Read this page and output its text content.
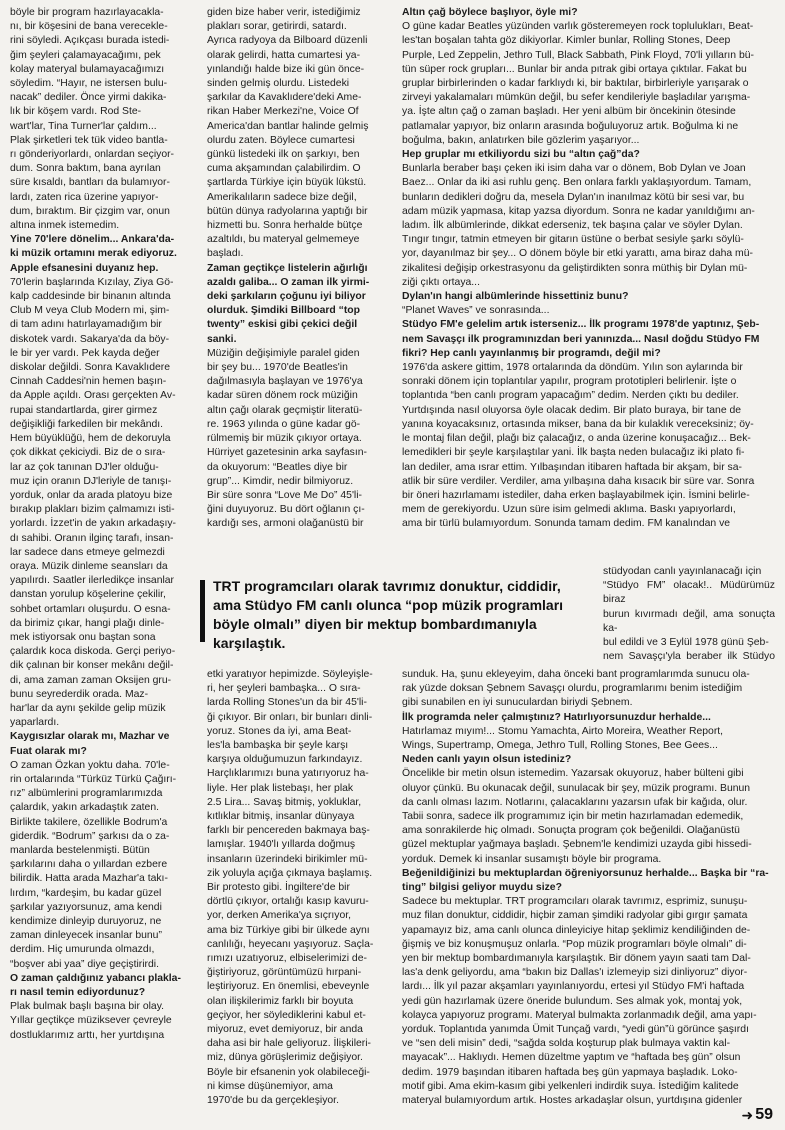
böyle bir program hazırlayacakla-
nı, bir köşesini de bana verecekle-
rini söyledi. Açıkçası burada istedi-
ğim şeyleri çalamayacağımı, pek
kolay materyal bulamayacağımızı
söyledim. “Hayır, ne istersen bulu-
nacak” dediler. Önce yirmi dakika-
lık bir köşem vardı. Rod Ste-
wart'lar, Tina Turner'lar çaldım...
Plak şirketleri tek tük video bantla-
rı gönderiyorlardı, onlardan seçiyor-
dum. Sonra baktım, bana ayrılan
süre kısaldı, bantları da bulamıyor-
lardı, zaten rica üzerine yapıyor-
dum, bıraktım. Bir çizgim var, onun
altına inmek istemedim.

Yine 70'lere dönelim... Ankara'da-
ki müzik ortamını merak ediyoruz.
Apple efsanesini duyanız hep.

70'lerin başlarında Kızılay, Ziya Gö-
kalp caddesinde bir binanın altında
Club M veya Club Modern mi, şim-
di tam adını hatırlayamadığım bir
diskotek vardı. Sakarya'da da böy-
le bir yer vardı. Pek kayda değer
diskolar değildi. Sonra Kavaklıdere
Cinnah Caddesi'nin hemen başın-
da Apple açıldı. Orası gerçekten Av-
rupai standartlarda, girer girmez
değişikliği farkedilen bir mekândı.
Hem büyüklüğü, hem de dekoruyla
çok dikkat çekiciydi. Biz de o sıra-
lar az çok tanınan DJ'ler olduğu-
muz için oranın DJ'leriyle de tanışı-
yorduk, onlar da arada platoyu bize
bırakıp plakları bizim çalmamızı isti-
yorlardı. İzzet'in de yakın arkadaşıy-
dı sahibi. Oranın ilginç tarafı, insan-
lar sadece dans etmeye gelmezdi
oraya. Müzik dinleme seansları da
yapılırdı. Saatler ilerledikçe insanlar
danstan yorulup köşelerine çekilir,
sohbet ortamları oluşurdu. O esna-
da birimiz çıkar, hangi plağı dinle-
mek istiyorsak onu baştan sona
çalardık koca diskoda. Gerçi periyo-
dik çalınan bir konser mekânı değil-
di, ama zaman zaman Oksijen gru-
bunu seyrederdik orada. Maz-
har'lar da aynı şekilde gelip müzik
yaparlardı.

Kaygısızlar olarak mı, Mazhar ve
Fuat olarak mı?

O zaman Özkan yoktu daha. 70'le-
rin ortalarında “Türküz Türkü Çağırı-
rız” albümlerini programlarımızda
çalardık, yakın arkadaştık zaten.
Birlikte takilere, özellikle Bodrum'a
giderdik. “Bodrum” şarkısı da o za-
manlarda bestelenmişti. Bütün
şarkılarını daha o yıllardan ezbere
bilirdik. Hatta arada Mazhar'a takı-
lırdım, “kardeşim, bu kadar güzel
şarkılar yazıyorsunuz, ama kendi
kendimize dinleyip duruyoruz, ne
zaman dinleyecek insanlar bunu”
derdim. Hiç umurunda olmazdı,
“boşver abi yaa” diye geçiştirirdi.

O zaman çaldığınız yabancı plakla-
rı nasıl temin ediyordunuz?

Plak bulmak başlı başına bir olay.
Yıllar geçtikçe müziksever çevreyle
dostluklarımız arttı, her yurtdışına

giden bize haber verir, istediğimiz
plakları sorar, getirirdi, satardı.
Ayrıca radyoya da Bilboard düzenli
olarak gelirdi, hatta cumartesi ya-
yınlandığı halde bize iki gün önce-
sinden gelmiş olurdu. Listedeki
şarkılar da Kavaklıdere'deki Ame-
rikan Haber Merkezi'ne, Voice Of
America'dan bantlar halinde gelmiş
olurdu zaten. Böylece cumartesi
günkü listedeki ilk on şarkıyı, ben
cuma akşamından çalabilirdim. O
şartlarda Türkiye için büyük lükstü.
Amerikalıların sadece bize değil,
bütün dünya radyolarına yaptığı bir
hizmetti bu. Sonra herhalde bütçe
azaltıldı, bu materyal gelmemeye
başladı.

Zaman geçtikçe listelerin ağırlığı
azaldı galiba... O zaman ilk yirmi-
deki şarkıların çoğunu iyi biliyor
olurduk. Şimdiki Billboard “top
twenty” eskisi gibi çekici değil
sanki.

Müziğin değişimiyle paralel giden
bir şey bu... 1970'de Beatles'in
dağılmasıyla başlayan ve 1976'ya
kadar süren dönem rock müziğin
altın çağı olarak geçmiştir literatü-
re. 1963 yılında o güne kadar gö-
rülmemiş bir müzik çıkıyor ortaya.
Hürriyet gazetesinin arka sayfasın-
da okuyorum: “Beatles diye bir
grup”... Kimdir, nedir bilmiyoruz.
Bir süre sonra “Love Me Do” 45'li-
ğini duyuyoruz. Bu dört oğlanın çı-
kardığı ses, armoni olağanüstü bir

Altın çağ böylece başlıyor, öyle mi?

O güne kadar Beatles yüzünden varlık gösteremeyen rock toplulukları, Beat-
les'tan boşalan tahta göz dikiyorlar. Kimler bunlar, Rolling Stones, Deep
Purple, Led Zeppelin, Jethro Tull, Black Sabbath, Pink Floyd, 70'li yılların bü-
tün süper rock grupları... Bunlar bir anda pıtrak gibi ortaya çıktılar. Fakat bu
gruplar birbirlerinden o kadar farklıydı ki, bir baktılar, birbirleriyle yarışarak o
zirveyi yakalamaları mümkün değil, bu sefer kendileriyle başladılar yarışma-
ya. İşte altın çağ o zaman başladı. Her yeni albüm bir öncekinin ötesinde
patlamalar yapıyor, biz onların arasında boğuluyoruz artık. Boğulma ki ne
boğulma, bakın, anlatırken bile gözlerim yaşarıyor...

Hep gruplar mı etkiliyordu sizi bu “altın çağ”da?

Bunlarla beraber başı çeken iki isim daha var o dönem, Bob Dylan ve Joan
Baez... Onlar da iki asi ruhlu genç. Ben onlara farklı yaklaşıyordum. Tamam,
bunların dedikleri doğru da, mesela Dylan'ın inanılmaz kötü bir sesi var, bu
adam müzik yapmasa, kitap yazsa diyordum. Sonra ne kadar yanıldığımı an-
ladım. İlk albümlerinde, dikkat ederseniz, tek başına çalar ve söyler Dylan.
Tıngır tıngır, tatmin etmeyen bir gitarın üstüne o berbat sesiyle şarkı söylü-
yor, dayanılmaz bir şey... O dönem böyle bir etki yarattı, ama biraz daha mü-
zikalitesi değişip orkestrasyonu da geliştirdikten sonra müthiş bir Dylan mü-
ziği çıktı ortaya...

Dylan'ın hangi albümlerinde hissettiniz bunu?

“Planet Waves” ve sonrasında...

Stüdyo FM'e gelelim artık isterseniz... İlk programı 1978'de yaptınız, Şeb-
nem Savaşçı ilk programınızdan beri yanınızda... Nasıl doğdu Stüdyo FM
fikri? Hep canlı yayınlanmış bir programdı, değil mi?

1976'da askere gittim, 1978 ortalarında da döndüm. Yılın son aylarında bir
sonraki dönem için toplantılar yapılır, program prototipleri belirlenir. İşte o
toplantıda “ben canlı program yapacağım” dedim. Nerden çıktı bu dediler.
Yurtdışında nasıl oluyorsa öyle olacak dedim. Bir plato buraya, bir tane de
yanına koyacaksınız, ortasında mikser, bana da bir kulaklık vereceksiniz; öy-
le montaj filan değil, plağı biz çalacağız, o anda üzerine konuşacağız... Bek-
lemedikleri bir şeyle karşılaştılar yani. İlk başta neden bulacağız iki plato fi-
lan dediler, ama ısrar ettim. Yılbaşından itibaren haftada bir akşam, bir sa-
atlik bir süre verdiler. Verdiler, ama yılbaşına daha kısacık bir süre var. Sonra
bir öneri hazırlamamı istediler, daha erken başlayabilmek için. İsmini belirle-
mem de gerekiyordu. Uzun süre isim gelmedi aklıma. Baskı yapıyorlardı,
ama bir türlü bulamıyordum. Sonunda tamam dedim. FM kanalından ve

stüdyodan canlı yayınlanacağı için
“Stüdyo FM” olacak!.. Müdürümüz biraz
burun kıvırmadı değil, ama sonuçta ka-
bul edildi ve 3 Eylül 1978 günü Şeb-
nem Savaşçı'yla beraber ilk Stüdyo

TRT programcıları olarak tavrımız donuktur, ciddidir, ama Stüdyo FM canlı olunca “pop müzik programları böyle olmalı” diyen bir mektup bombardımanıyla karşılaştık.

etki yaratıyor hepimizde. Söyleyişle-
ri, her şeyleri bambaşka... O sıra-
larda Rolling Stones'un da bir 45'li-
ği çıkıyor. Bir onları, bir bunları dinli-
yoruz. Stones da iyi, ama Beat-
les'la bambaşka bir şeyle karşı
karşıya olduğumuzun farkındayız.
Harçlıklarımızı buna yatırıyoruz ha-
liyle. Her plak listebaşı, her plak
2.5 Lira... Savaş bitmiş, yokluklar,
kıtlıklar bitmiş, insanlar dünyaya
farklı bir pencereden bakmaya baş-
lamışlar. 1940'lı yıllarda doğmuş
insanların üzerindeki birikimler mü-
zik yoluyla açığa çıkmaya başlamış.
Bir protesto gibi. İngiltere'de bir
dörtlü çıkıyor, ortalığı kasıp kavuru-
yor, derken Amerika'ya sıçrıyor,
ama biz Türkiye gibi bir ülkede aynı
canlılığı, heyecanı yaşıyoruz. Saçla-
rımızı uzatıyoruz, elbiselerimizi de-
ğiştiriyoruz, görüntümüzü hırpani-
leştiriyoruz. En önemlisi, ebeveynle
olan ilişkilerimiz farklı bir boyuta
geçiyor, her söylediklerini kabul et-
miyoruz, evet demiyoruz, bir anda
daha asi bir hale geliyoruz. İlişkileri-
miz, dünya görüşlerimiz değişiyor.
Böyle bir efsanenin yok olabileceği-
ni kimse düşünemiyor, ama
1970'de bu da gerçekleşiyor.

sunduk. Ha, şunu ekleyeyim, daha önceki bant programlarımda sunucu ola-
rak yüzde doksan Şebnem Savaşçı olurdu, programlarımı benim istediğim
gibi sunabilen en iyi sunuculardan biriydi Şebnem.

İlk programda neler çalmıştınız? Hatırlıyorsunuzdur herhalde...

Hatırlamaz mıyım!... Stomu Yamachta, Airto Moreira, Weather Report,
Wings, Supertramp, Omega, Jethro Tull, Rolling Stones, Bee Gees...

Neden canlı yayın olsun istediniz?

Öncelikle bir metin olsun istemedim. Yazarsak okuyoruz, haber bülteni gibi
oluyor çünkü. Bu okunacak değil, sunulacak bir şey, müzik programı. Bunun
da canlı olması lazım. Notlarını, çalacaklarını yazarsın ufak bir kağıda, olur.
Tabii sonra, sadece ilk programımız için bir metin hazırlamadan edemedik,
ama sonrakilerde hiç olmadı. Sonuçta program çok beğenildi. Olağanüstü
güzel mektuplar yağmaya başladı. Şebnem'le kendimizi uzayda gibi hissedi-
yorduk. Demek ki insanlar susamıştı böyle bir programa.

Beğenildiğinizi bu mektuplardan öğreniyorsunuz herhalde... Başka bir “ra-
ting” bilgisi geliyor muydu size?

Sadece bu mektuplar. TRT programcıları olarak tavrımız, esprimiz, sunuşu-
muz filan donuktur, ciddidir, hiçbir zaman şimdiki radyolar gibi gırgır şamata
yapamayız biz, ama canlı olunca dinleyiciye hitap şeklimiz kendiliğinden de-
ğişmiş ve biz konuşmuşuz onlarla. “Pop müzik programları böyle olmalı” di-
yen bir mektup bombardımanıyla karşılaştık. Bir dönem yayın saati tam Dal-
las'a denk geliyordu, ama “bakın biz Dallas'ı izlemeyip sizi dinliyoruz” diyor-
lardı... İlk yıl pazar akşamları yayınlanıyordu, ertesi yıl Stüdyo FM'i haftada
yedi gün hazırlamak üzere öneride bulundum. Ses almak yok, montaj yok,
kolayca yapıyoruz programı. Materyal bulmakta zorlanmadık değil, ama yapı-
yorduk. Toplantıda yanımda Ümit Tunçağ vardı, “yedi gün”ü görünce şaşırdı
ve “sen deli misin” dedi, “sağda solda koşturup plak bulmaya vaktin kal-
mayacak”... Haklıydı. Hemen düzeltme yaptım ve “haftada beş gün” olsun
dedim. 1979 başından itibaren haftada beş gün yapmaya başladık. Loko-
motif gibi. Ama ekim-kasım gibi yelkenleri indirdik suya. İstediğim kalitede
materyal bulamıyordum artık. Hostes arkadaşlar olsun, yurtdışına gidenler

➜ 59
